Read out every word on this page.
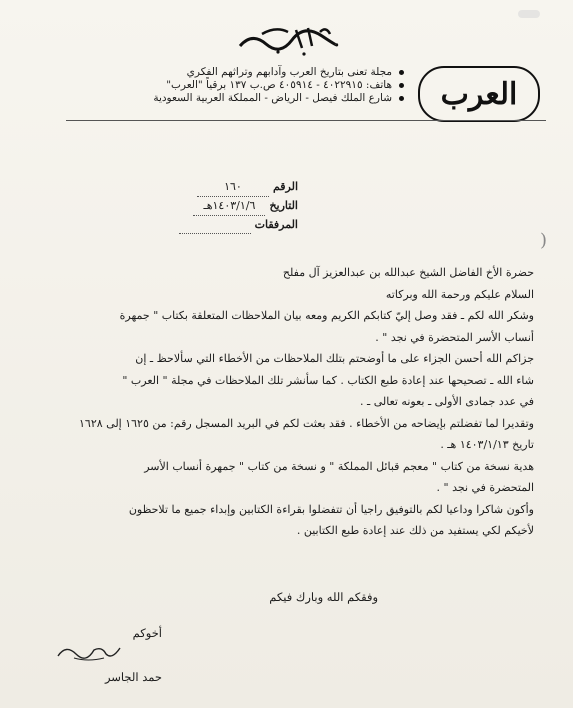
العرب
مجلة تعنى بتاريخ العرب وآدابهم وتراثهم الفكري
هاتف: ٤٠٢٢٩١٥ - ٤٠٥٩١٤ ص.ب ١٣٧ برقياً "العرب"
شارع الملك فيصل - الرياض - المملكة العربية السعودية
)
الرقم
١٦٠
التاريخ
١٤٠٣/١/٦هـ
المرفقات

حضرة الأخ الفاضل الشيخ عبدالله بن عبدالعزيز آل مفلح

السلام عليكم ورحمة الله وبركاته

وشكر الله لكم ـ فقد وصل إليّ كتابكم الكريم ومعه بيان الملاحظات المتعلقة بكتاب " جمهرة

أنساب الأسر المتحضرة في نجد " .

جزاكم الله أحسن الجزاء على ما أوضحتم بتلك الملاحظات من الأخطاء التي سألاحظ ـ إن

شاء الله ـ تصحيحها عند إعادة طبع الكتاب . كما سأنشر تلك الملاحظات في مجلة " العرب "

في عدد جمادى الأولى ـ بعونه تعالى ـ .

وتقديرا لما تفضلتم بإيضاحه من الأخطاء . فقد بعثت لكم في البريد المسجل رقم: من ١٦٢٥ إلى ١٦٢٨

تاريخ ١٤٠٣/١/١٣ هـ .

هدية نسخة من كتاب " معجم قبائل المملكة " و نسخة من كتاب " جمهرة أنساب الأسر

المتحضرة في نجد " .

وأكون شاكرا وداعيا لكم بالتوفيق راجيا أن تتفضلوا بقراءة الكتابين وإبداء جميع ما تلاحظون

لأخيكم لكي يستفيد من ذلك عند إعادة طبع الكتابين .

وفقكم الله وبارك فيكم
أخوكم
حمد الجاسر
